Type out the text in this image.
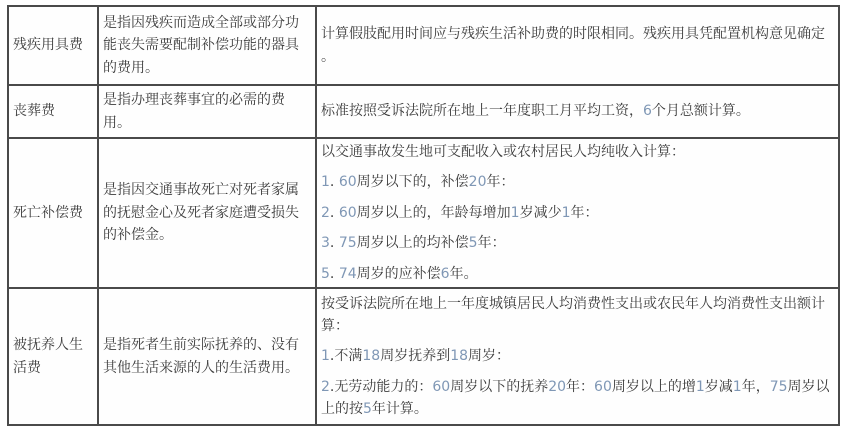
残疾用具费	是指因残疾而造成全部或部分功能丧失需要配制补偿功能的器具的费用。	计算假肢配用时间应与残疾生活补助费的时限相同。残疾用具凭配置机构意见确定 。

丧葬费	是指办理丧葬事宜的必需的费用。	标准按照受诉法院所在地上一年度职工月平均工资，6个月总额计算。

死亡补偿费	是指因交通事故死亡对死者家属的抚慰金心及死者家庭遭受损失的补偿金。	以交通事故发生地可支配收入或农村居民人均纯收入计算：

1. 60周岁以下的，补偿20年：

2. 60周岁以上的，年龄每增加1岁减少1年：

3. 75周岁以上的均补偿5年：

5. 74周岁的应补偿6年。

被抚养人生活费	是指死者生前实际抚养的、没有其他生活来源的人的生活费用。	按受诉法院所在地上一年度城镇居民人均消费性支出或农民年人均消费性支出额计算：

1.不满18周岁抚养到18周岁：

2.无劳动能力的：60周岁以下的抚养20年：60周岁以上的增1岁减1年，75周岁以上的按5年计算。
